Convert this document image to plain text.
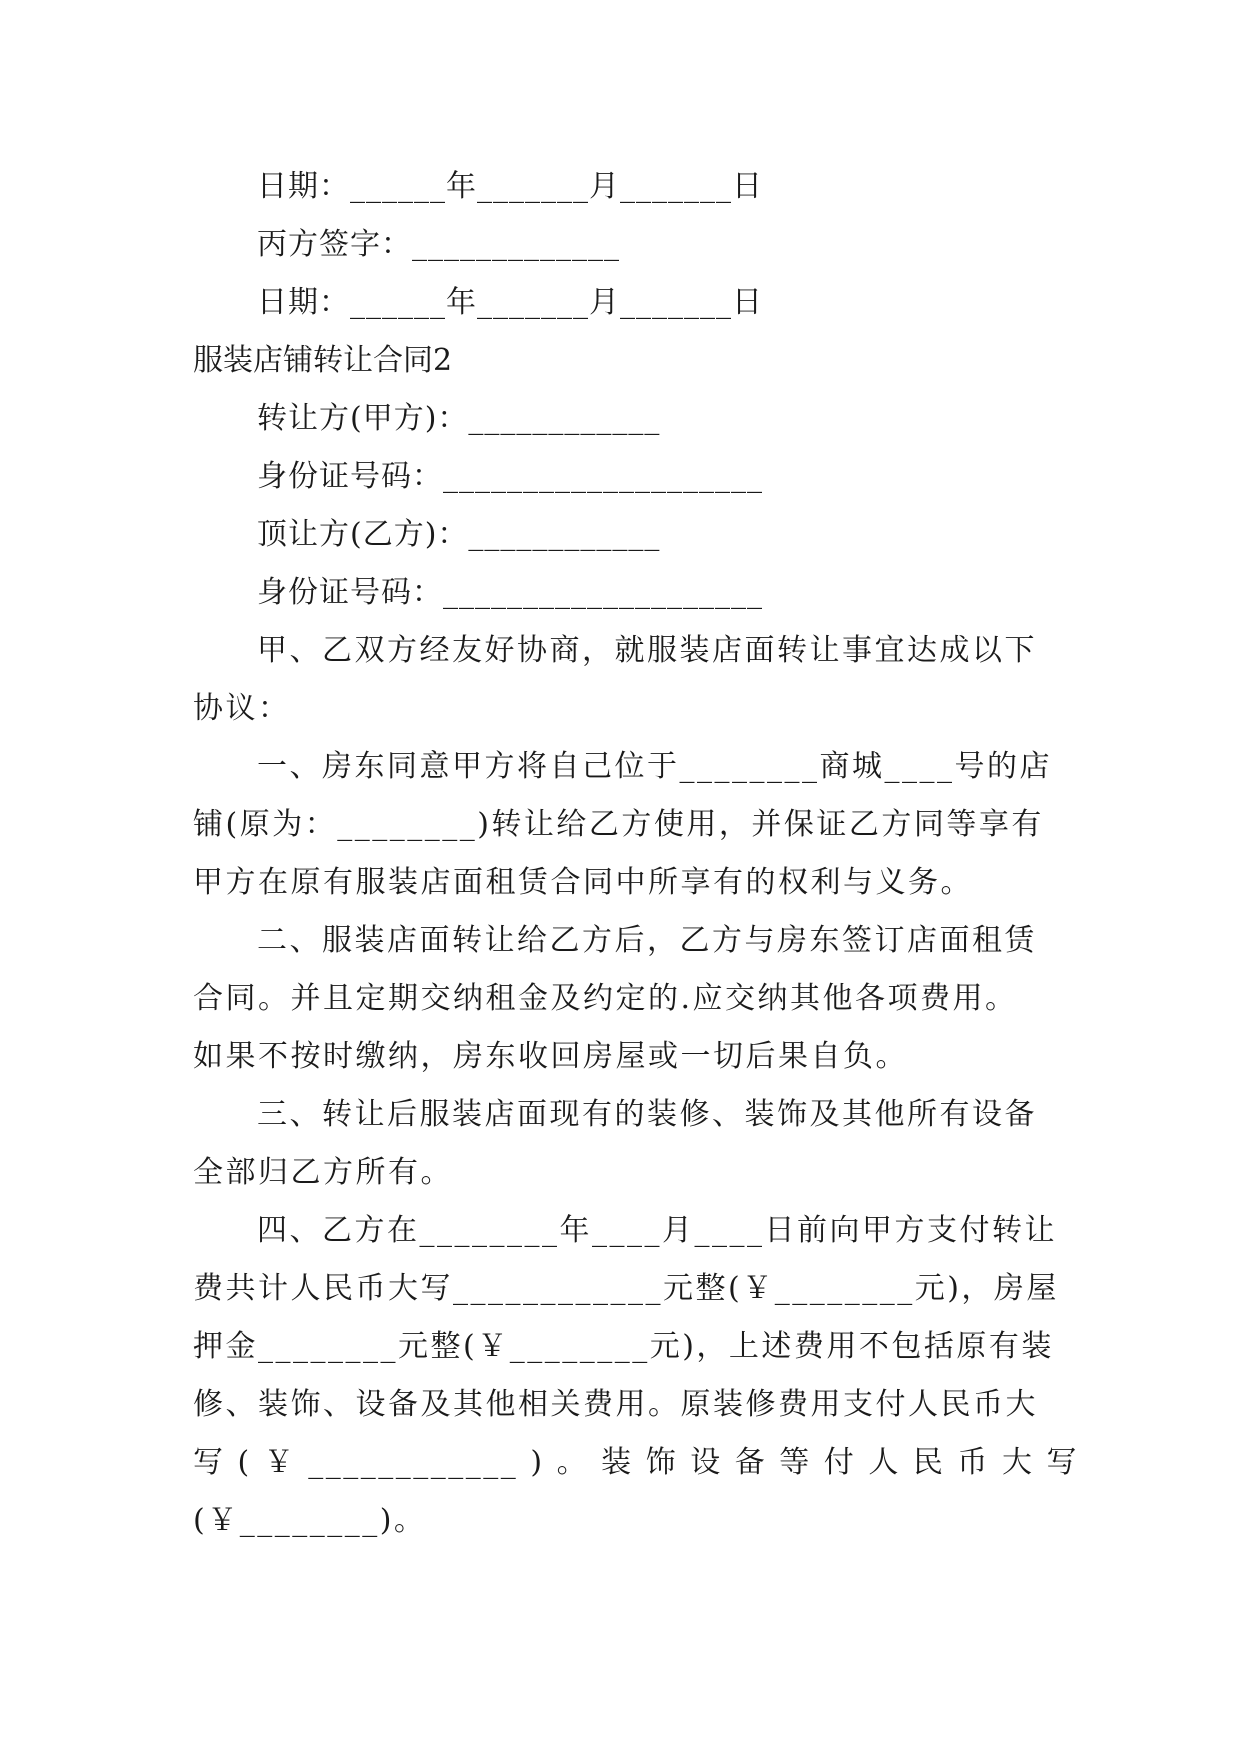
日期：______年_______月_______日
丙方签字：_____________
日期：______年_______月_______日
服装店铺转让合同2
转让方(甲方)：____________
身份证号码：____________________
顶让方(乙方)：____________
身份证号码：____________________
甲、乙双方经友好协商，就服装店面转让事宜达成以下
协议：
一、房东同意甲方将自己位于________商城____号的店
铺(原为：________)转让给乙方使用，并保证乙方同等享有
甲方在原有服装店面租赁合同中所享有的权利与义务。
二、服装店面转让给乙方后，乙方与房东签订店面租赁
合同。并且定期交纳租金及约定的.应交纳其他各项费用。
如果不按时缴纳，房东收回房屋或一切后果自负。
三、转让后服装店面现有的装修、装饰及其他所有设备
全部归乙方所有。
四、乙方在________年____月____日前向甲方支付转让
费共计人民币大写____________元整(￥________元)，房屋
押金________元整(￥________元)，上述费用不包括原有装
修、装饰、设备及其他相关费用。原装修费用支付人民币大
写 ( ￥ ____________ ) 。 装 饰 设 备 等 付 人 民 币 大 写
(￥________)。
